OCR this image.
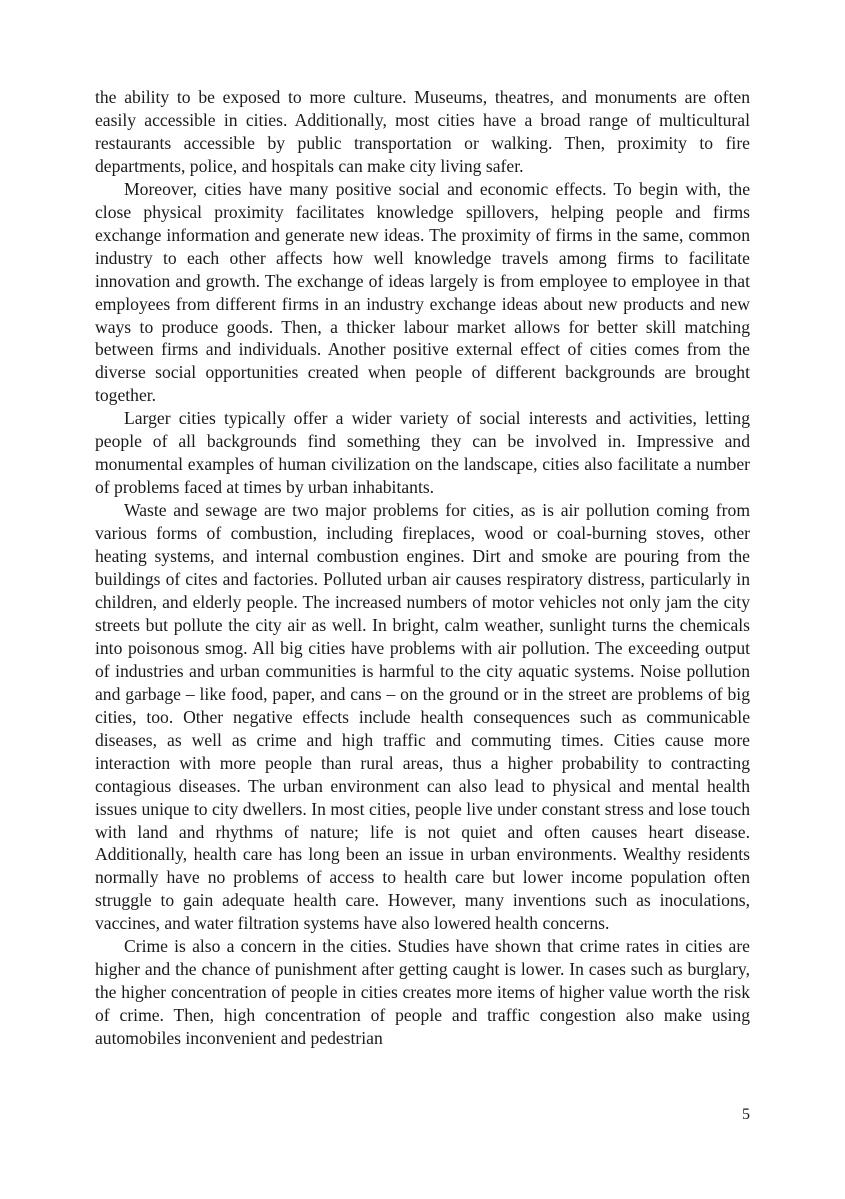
the ability to be exposed to more culture. Museums, theatres, and monuments are often easily accessible in cities. Additionally, most cities have a broad range of multicultural restaurants accessible by public transportation or walking. Then, proximity to fire departments, police, and hospitals can make city living safer.

Moreover, cities have many positive social and economic effects. To begin with, the close physical proximity facilitates knowledge spillovers, helping people and firms exchange information and generate new ideas. The proximity of firms in the same, common industry to each other affects how well knowledge travels among firms to facilitate innovation and growth. The exchange of ideas largely is from employee to employee in that employees from different firms in an industry exchange ideas about new products and new ways to produce goods. Then, a thicker labour market allows for better skill matching between firms and individuals. Another positive external effect of cities comes from the diverse social opportunities created when people of different backgrounds are brought together.

Larger cities typically offer a wider variety of social interests and activities, letting people of all backgrounds find something they can be involved in. Impressive and monumental examples of human civilization on the landscape, cities also facilitate a number of problems faced at times by urban inhabitants.

Waste and sewage are two major problems for cities, as is air pollution coming from various forms of combustion, including fireplaces, wood or coal-burning stoves, other heating systems, and internal combustion engines. Dirt and smoke are pouring from the buildings of cites and factories. Polluted urban air causes respiratory distress, particularly in children, and elderly people. The increased numbers of motor vehicles not only jam the city streets but pollute the city air as well. In bright, calm weather, sunlight turns the chemicals into poisonous smog. All big cities have problems with air pollution. The exceeding output of industries and urban communities is harmful to the city aquatic systems. Noise pollution and garbage – like food, paper, and cans – on the ground or in the street are problems of big cities, too. Other negative effects include health consequences such as communicable diseases, as well as crime and high traffic and commuting times. Cities cause more interaction with more people than rural areas, thus a higher probability to contracting contagious diseases. The urban environment can also lead to physical and mental health issues unique to city dwellers. In most cities, people live under constant stress and lose touch with land and rhythms of nature; life is not quiet and often causes heart disease. Additionally, health care has long been an issue in urban environments. Wealthy residents normally have no problems of access to health care but lower income population often struggle to gain adequate health care. However, many inventions such as inoculations, vaccines, and water filtration systems have also lowered health concerns.

Crime is also a concern in the cities. Studies have shown that crime rates in cities are higher and the chance of punishment after getting caught is lower. In cases such as burglary, the higher concentration of people in cities creates more items of higher value worth the risk of crime. Then, high concentration of people and traffic congestion also make using automobiles inconvenient and pedestrian

5
